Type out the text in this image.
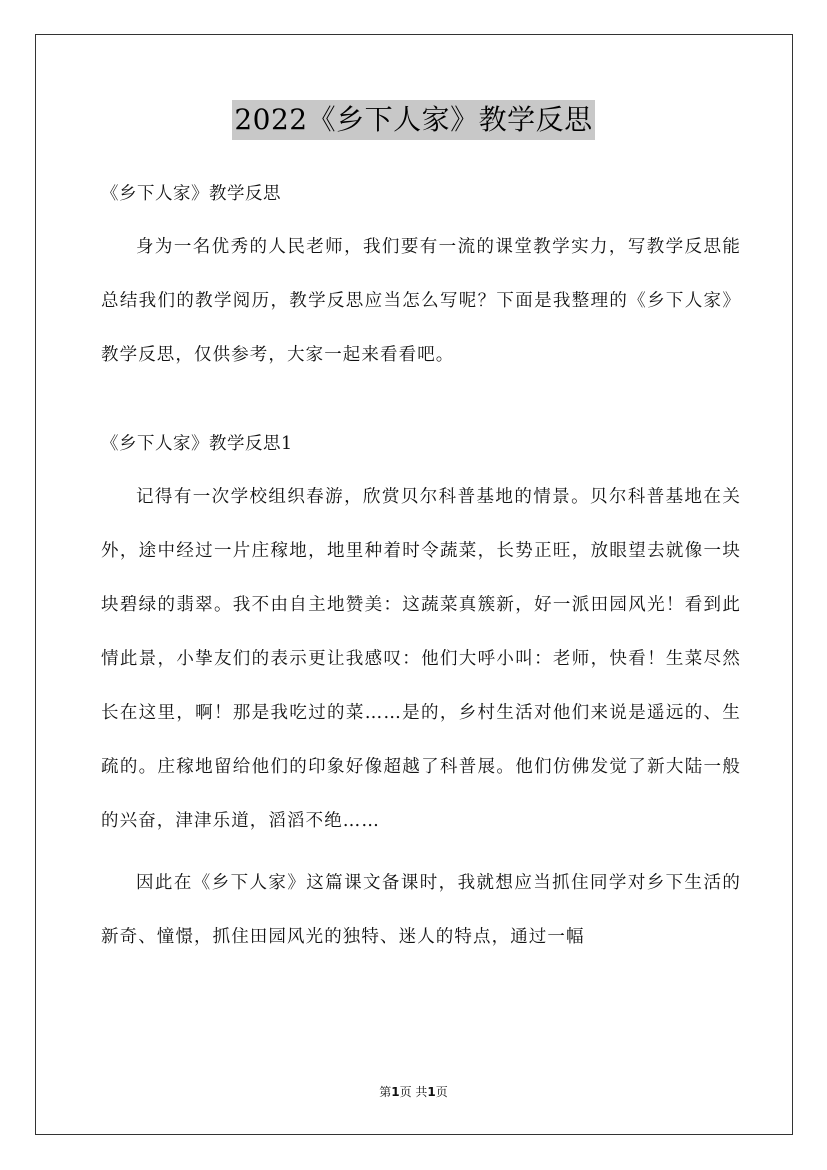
2022《乡下人家》教学反思

《乡下人家》教学反思

身为一名优秀的人民老师，我们要有一流的课堂教学实力，写教学反思能总结我们的教学阅历，教学反思应当怎么写呢？下面是我整理的《乡下人家》教学反思，仅供参考，大家一起来看看吧。

《乡下人家》教学反思1

记得有一次学校组织春游，欣赏贝尔科普基地的情景。贝尔科普基地在关外，途中经过一片庄稼地，地里种着时令蔬菜，长势正旺，放眼望去就像一块块碧绿的翡翠。我不由自主地赞美：这蔬菜真簇新，好一派田园风光！看到此情此景，小挚友们的表示更让我感叹：他们大呼小叫：老师，快看！生菜尽然长在这里，啊！那是我吃过的菜……是的，乡村生活对他们来说是遥远的、生疏的。庄稼地留给他们的印象好像超越了科普展。他们仿佛发觉了新大陆一般的兴奋，津津乐道，滔滔不绝……

因此在《乡下人家》这篇课文备课时，我就想应当抓住同学对乡下生活的新奇、憧憬，抓住田园风光的独特、迷人的特点，通过一幅

第1页 共1页
